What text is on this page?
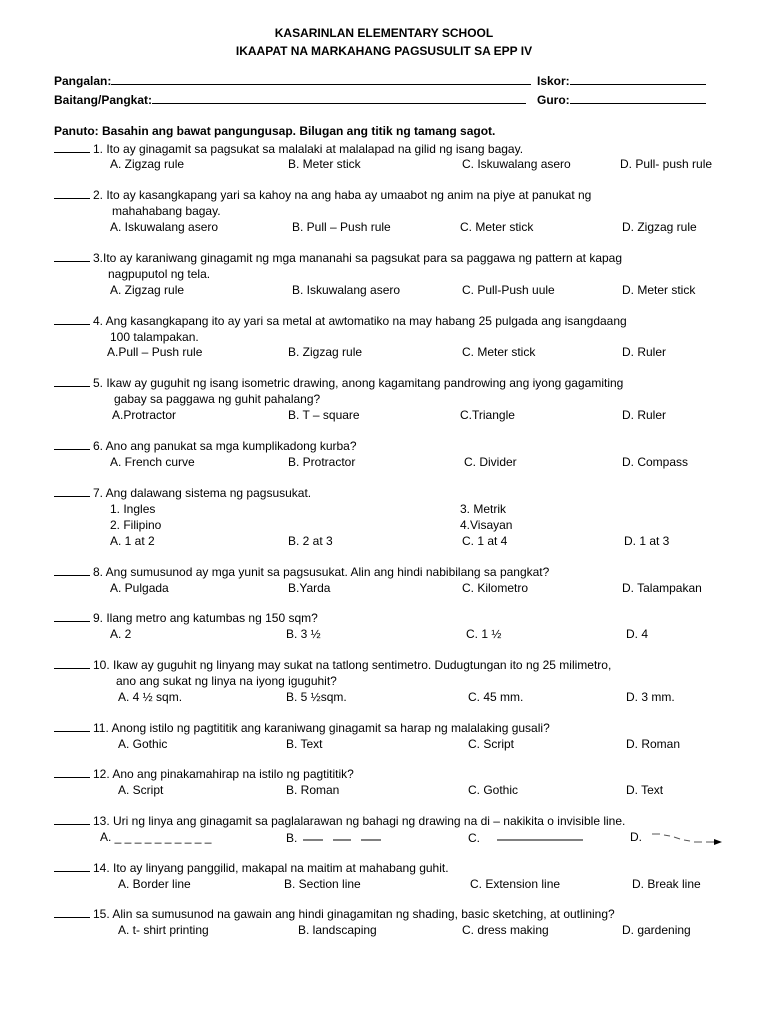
KASARINLAN ELEMENTARY SCHOOL
IKAAPAT NA MARKAHANG PAGSUSULIT SA EPP IV
Pangalan:	Iskor:
Baitang/Pangkat:	Guro:
Panuto: Basahin ang bawat pangungusap. Bilugan ang titik ng tamang sagot.
1. Ito ay ginagamit sa pagsukat sa malalaki at malalapad na gilid ng isang bagay.
A. Zigzag rule	B. Meter stick	C. Iskuwalang asero	D. Pull- push rule
2. Ito ay kasangkapang yari sa kahoy na ang haba ay umaabot ng anim na piye at panukat ng
mahahabang bagay.
A. Iskuwalang asero	B. Pull – Push rule	C. Meter stick	D. Zigzag rule
3.Ito ay karaniwang ginagamit ng mga mananahi sa pagsukat para sa paggawa ng pattern at kapag
nagpuputol ng tela.
A. Zigzag rule	B. Iskuwalang asero	C. Pull-Push uule	D. Meter stick
4. Ang kasangkapang ito ay yari sa metal at awtomatiko na may habang 25 pulgada ang isangdaang
100 talampakan.
A.Pull – Push rule	B. Zigzag rule	C. Meter stick	D. Ruler
5. Ikaw ay guguhit ng isang isometric drawing, anong kagamitang pandrowing ang iyong gagamiting
gabay sa paggawa ng guhit pahalang?
A.Protractor	B. T – square	C.Triangle	D. Ruler
6. Ano ang panukat sa mga kumplikadong kurba?
A. French curve	B. Protractor	C. Divider	D. Compass
7. Ang dalawang sistema ng pagsusukat.
1. Ingles	3. Metrik
2. Filipino	4.Visayan
A. 1 at 2	B. 2 at 3	C. 1 at 4	D. 1 at 3
8. Ang sumusunod ay mga yunit sa pagsusukat. Alin ang hindi nabibilang sa pangkat?
A. Pulgada	B.Yarda	C. Kilometro	D. Talampakan
9. Ilang metro ang katumbas ng 150 sqm?
A. 2	B. 3 ½	C. 1 ½	D. 4
10. Ikaw ay guguhit ng linyang may sukat na tatlong sentimetro. Dudugtungan ito ng 25 milimetro,
ano ang sukat ng linya na iyong iguguhit?
A. 4 ½ sqm.	B. 5 ½sqm.	C. 45 mm.	D. 3 mm.
11. Anong istilo ng pagtititik ang karaniwang ginagamit sa harap ng malalaking gusali?
A. Gothic	B. Text	C. Script	D. Roman
12. Ano ang pinakamahirap na istilo ng pagtititik?
A. Script	B. Roman	C. Gothic	D. Text
13. Uri ng linya ang ginagamit sa paglalarawan ng bahagi ng drawing na di – nakikita o invisible line.
A. _ _ _ _ _ _ _ _ _ _	B.	C.	D.
14. Ito ay linyang panggilid, makapal na maitim at mahabang guhit.
A. Border line	B. Section line	C. Extension line	D. Break line
15. Alin sa sumusunod na gawain ang hindi ginagamitan ng shading, basic sketching, at outlining?
A. t- shirt printing	B. landscaping	C. dress making	D. gardening
